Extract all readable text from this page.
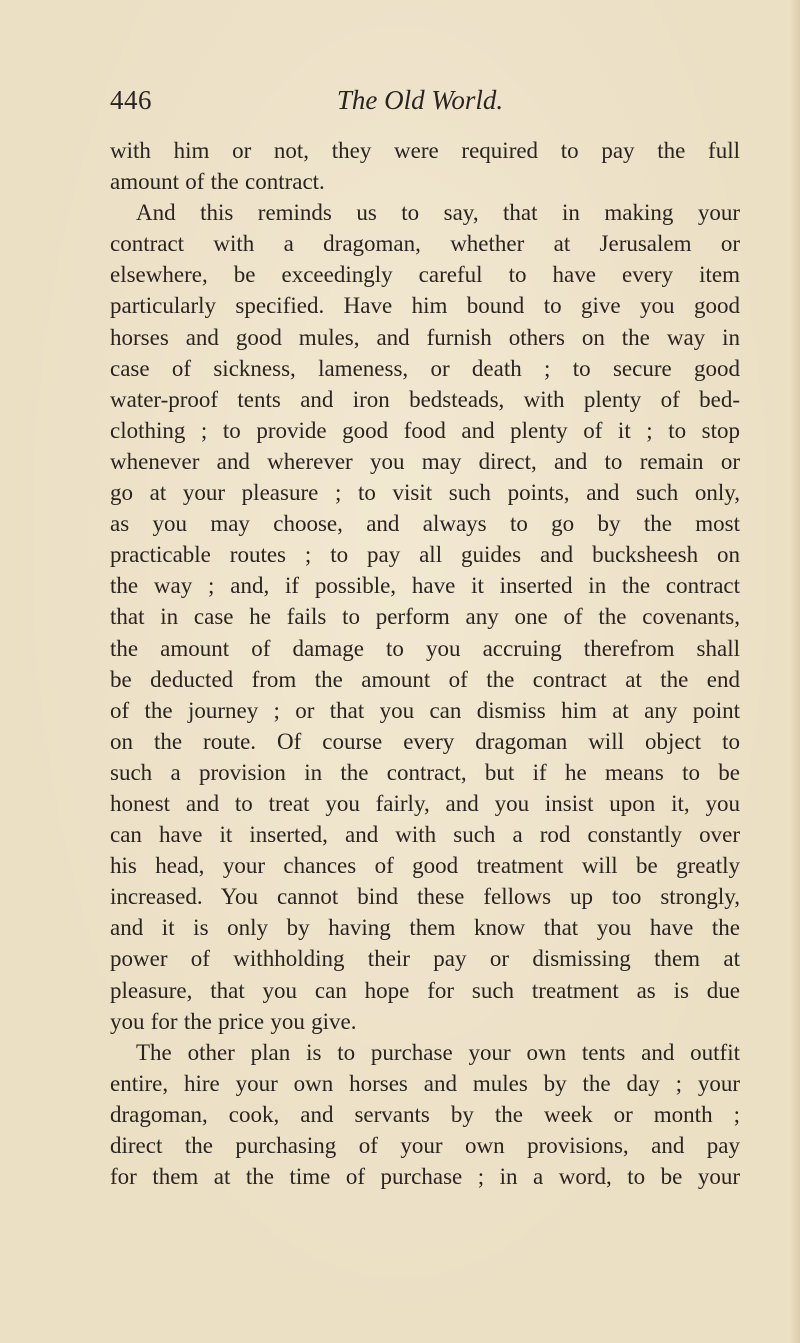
446	The Old World.
with him or not, they were required to pay the full
amount of the contract.
And this reminds us to say, that in making your
contract with a dragoman, whether at Jerusalem or
elsewhere, be exceedingly careful to have every item
particularly specified. Have him bound to give you good
horses and good mules, and furnish others on the way in
case of sickness, lameness, or death ; to secure good
water-proof tents and iron bedsteads, with plenty of bed-
clothing ; to provide good food and plenty of it ; to stop
whenever and wherever you may direct, and to remain or
go at your pleasure ; to visit such points, and such only,
as you may choose, and always to go by the most
practicable routes ; to pay all guides and bucksheesh on
the way ; and, if possible, have it inserted in the contract
that in case he fails to perform any one of the covenants,
the amount of damage to you accruing therefrom shall
be deducted from the amount of the contract at the end
of the journey ; or that you can dismiss him at any point
on the route. Of course every dragoman will object to
such a provision in the contract, but if he means to be
honest and to treat you fairly, and you insist upon it, you
can have it inserted, and with such a rod constantly over
his head, your chances of good treatment will be greatly
increased. You cannot bind these fellows up too strongly,
and it is only by having them know that you have the
power of withholding their pay or dismissing them at
pleasure, that you can hope for such treatment as is due
you for the price you give.
The other plan is to purchase your own tents and outfit
entire, hire your own horses and mules by the day ; your
dragoman, cook, and servants by the week or month ;
direct the purchasing of your own provisions, and pay
for them at the time of purchase ; in a word, to be your
